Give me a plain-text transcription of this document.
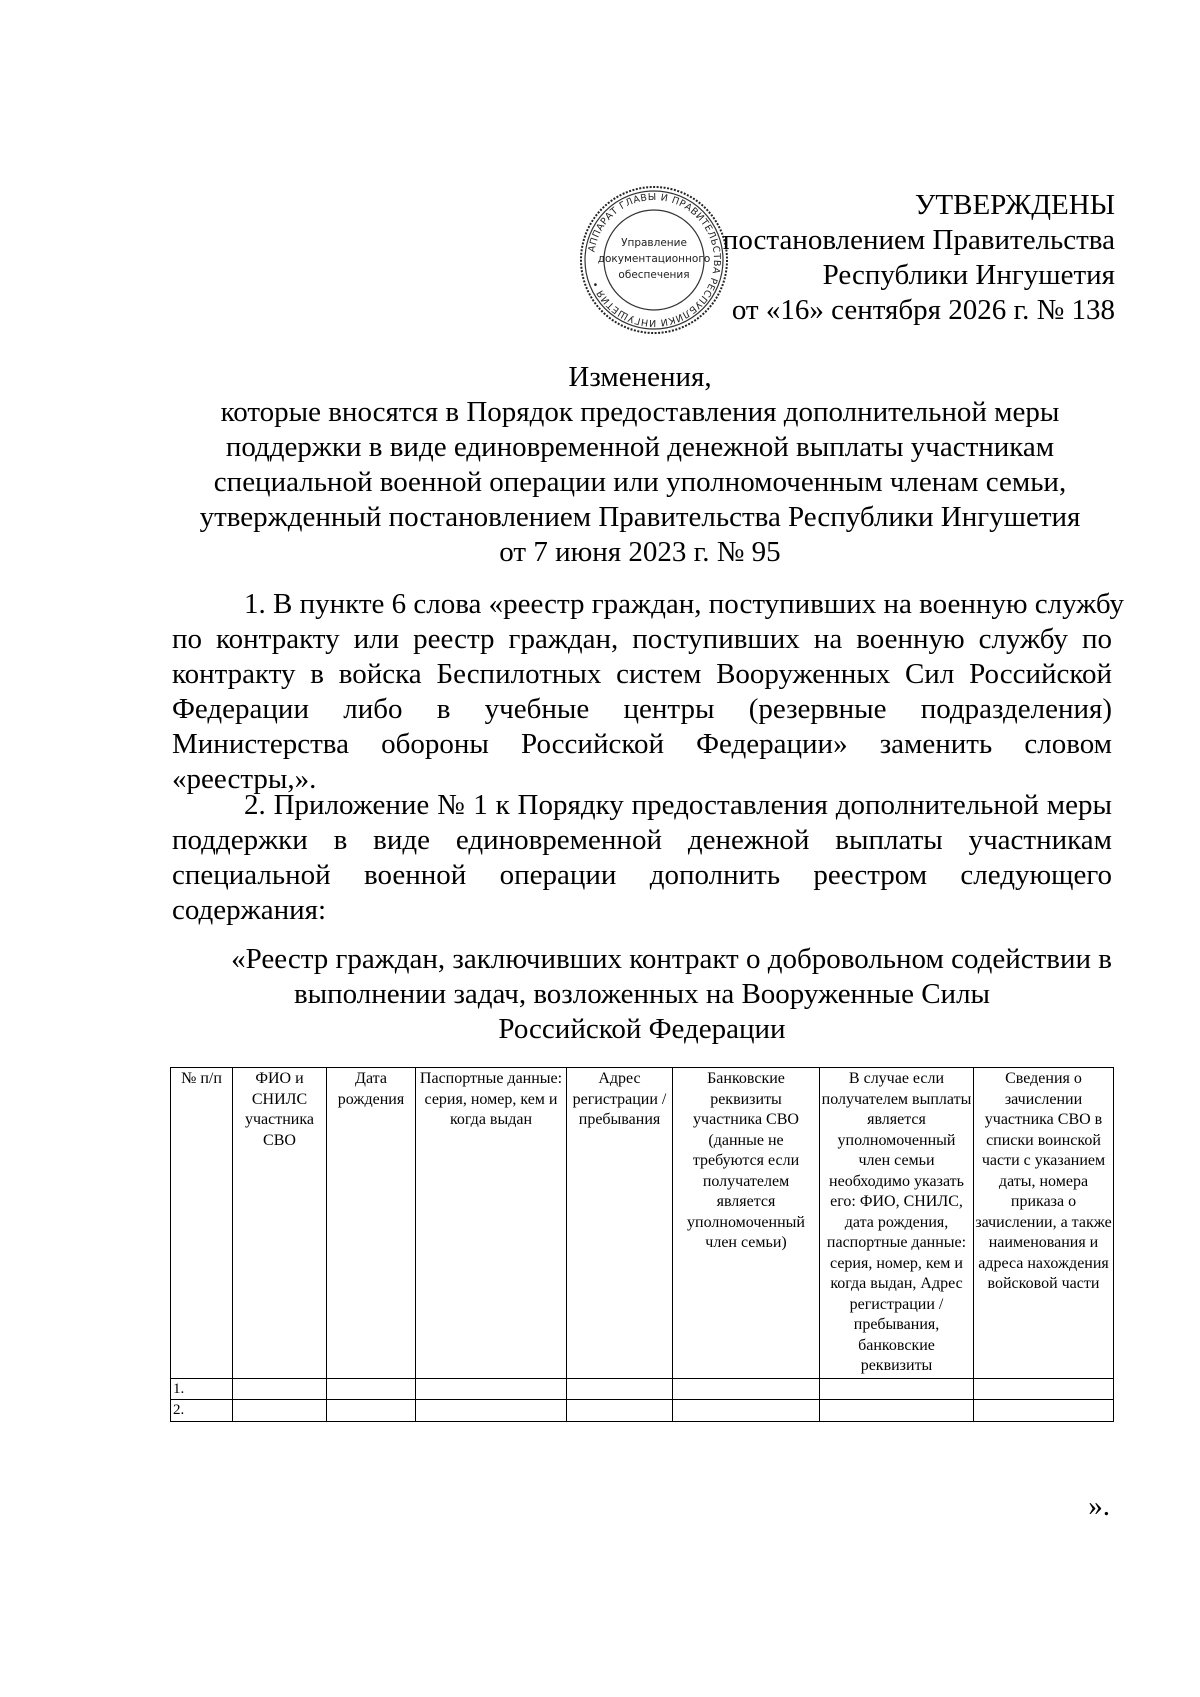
АППАРАТ ГЛАВЫ И ПРАВИТЕЛЬСТВА РЕСПУБЛИКИ ИНГУШЕТИЯ •
Управление
документационного
обеспечения
УТВЕРЖДЕНЫ
постановлением Правительства
Республики Ингушетия
от «16» сентября 2026 г. № 138
Изменения,
которые вносятся в Порядок предоставления дополнительной меры
поддержки в виде единовременной денежной выплаты участникам
специальной военной операции или уполномоченным членам семьи,
утвержденный постановлением Правительства Республики Ингушетия
от 7 июня 2023 г. № 95
1. В пункте 6 слова «реестр граждан, поступивших на военную службу
по контракту или реестр граждан, поступивших на военную службу по
контракту в войска Беспилотных систем Вооруженных Сил Российской
Федерации либо в учебные центры (резервные подразделения)
Министерства обороны Российской Федерации» заменить словом
«реестры,».
2. Приложение № 1 к Порядку предоставления дополнительной меры
поддержки в виде единовременной денежной выплаты участникам
специальной военной операции дополнить реестром следующего
содержания:
«Реестр граждан, заключивших контракт о добровольном содействии в
выполнении задач, возложенных на Вооруженные Силы
Российской Федерации
№ п/п	ФИО и СНИЛС участника СВО	Дата рождения	Паспортные данные: серия, номер, кем и когда выдан	Адрес регистрации / пребывания	Банковские реквизиты участника СВО (данные не требуются если получателем является уполномоченный член семьи)	В случае если получателем выплаты является уполномоченный член семьи необходимо указать его: ФИО, СНИЛС, дата рождения, паспортные данные: серия, номер, кем и когда выдан, Адрес регистрации / пребывания, банковские реквизиты	Сведения о зачислении участника СВО в списки воинской части с указанием даты, номера приказа о зачислении, а также наименования и адреса нахождения войсковой части
1.							
2.							
».
